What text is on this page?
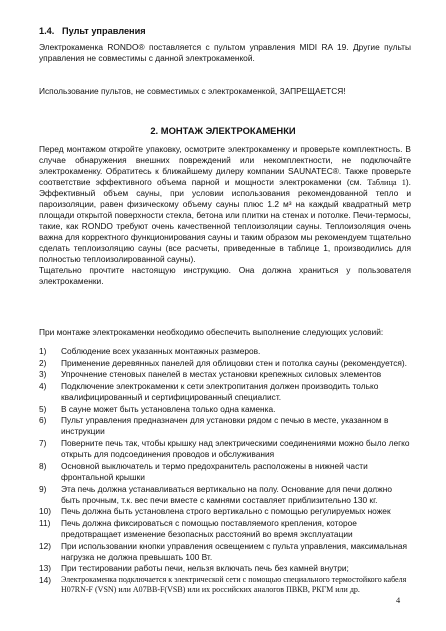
1.4. Пульт управления
Электрокаменка RONDO® поставляется с пультом управления MIDI RA 19. Другие пульты управления не совместимы с данной электрокаменкой.
Использование пультов, не совместимых с электрокаменкой, ЗАПРЕЩАЕТСЯ!
2. МОНТАЖ ЭЛЕКТРОКАМЕНКИ
Перед монтажом откройте упаковку, осмотрите электрокаменку и проверьте комплектность. В случае обнаружения внешних повреждений или некомплектности, не подключайте электрокаменку. Обратитесь к ближайшему дилеру компании SAUNATEC®. Также проверьте соответствие эффективного объема парной и мощности электрокаменки (см. Таблица 1). Эффективный объем сауны, при условии использования рекомендованной тепло и пароизоляции, равен физическому объему сауны плюс 1.2 м³ на каждый квадратный метр площади открытой поверхности стекла, бетона или плитки на стенах и потолке. Печи-термосы, такие, как RONDO требуют очень качественной теплоизоляции сауны. Теплоизоляция очень важна для корректного функционирования сауны и таким образом мы рекомендуем тщательно сделать теплоизоляцию сауны (все расчеты, приведенные в таблице 1, производились для полностью теплоизолированной сауны).
Тщательно прочтите настоящую инструкцию. Она должна храниться у пользователя электрокаменки.
При монтаже электрокаменки необходимо обеспечить выполнение следующих условий:
1) Соблюдение всех указанных монтажных размеров.
2) Применение деревянных панелей для облицовки стен и потолка сауны (рекомендуется).
3) Упрочнение стеновых панелей в местах установки крепежных силовых элементов
4) Подключение электрокаменки к сети электропитания должен производить только квалифицированный и сертифицированный специалист.
5) В сауне может быть установлена только одна каменка.
6) Пульт управления предназначен для установки рядом с печью в месте, указанном в инструкции
7) Поверните печь так, чтобы крышку над электрическими соединениями можно было легко открыть для подсоединения проводов и обслуживания
8) Основной выключатель и термо предохранитель расположены в нижней части фронтальной крышки
9) Эта печь должна устанавливаться вертикально на полу. Основание для печи должно быть прочным, т.к. вес печи вместе с камнями составляет приблизительно 130 кг.
10) Печь должна быть установлена строго вертикально с помощью регулируемых ножек
11) Печь должна фиксироваться с помощью поставляемого крепления, которое предотвращает изменение безопасных расстояний во время эксплуатации
12) При использовании кнопки управления освещением с пульта управления, максимальная нагрузка не должна превышать 100 Вт.
13) При тестировании работы печи, нельзя включать печь без камней внутри;
14) Электрокаменка подключается к электрической сети с помощью специального термостойкого кабеля H07RN-F (VSN) или A07BB-F(VSB) или их российских аналогов ПВКВ, РКГМ или др.
4
